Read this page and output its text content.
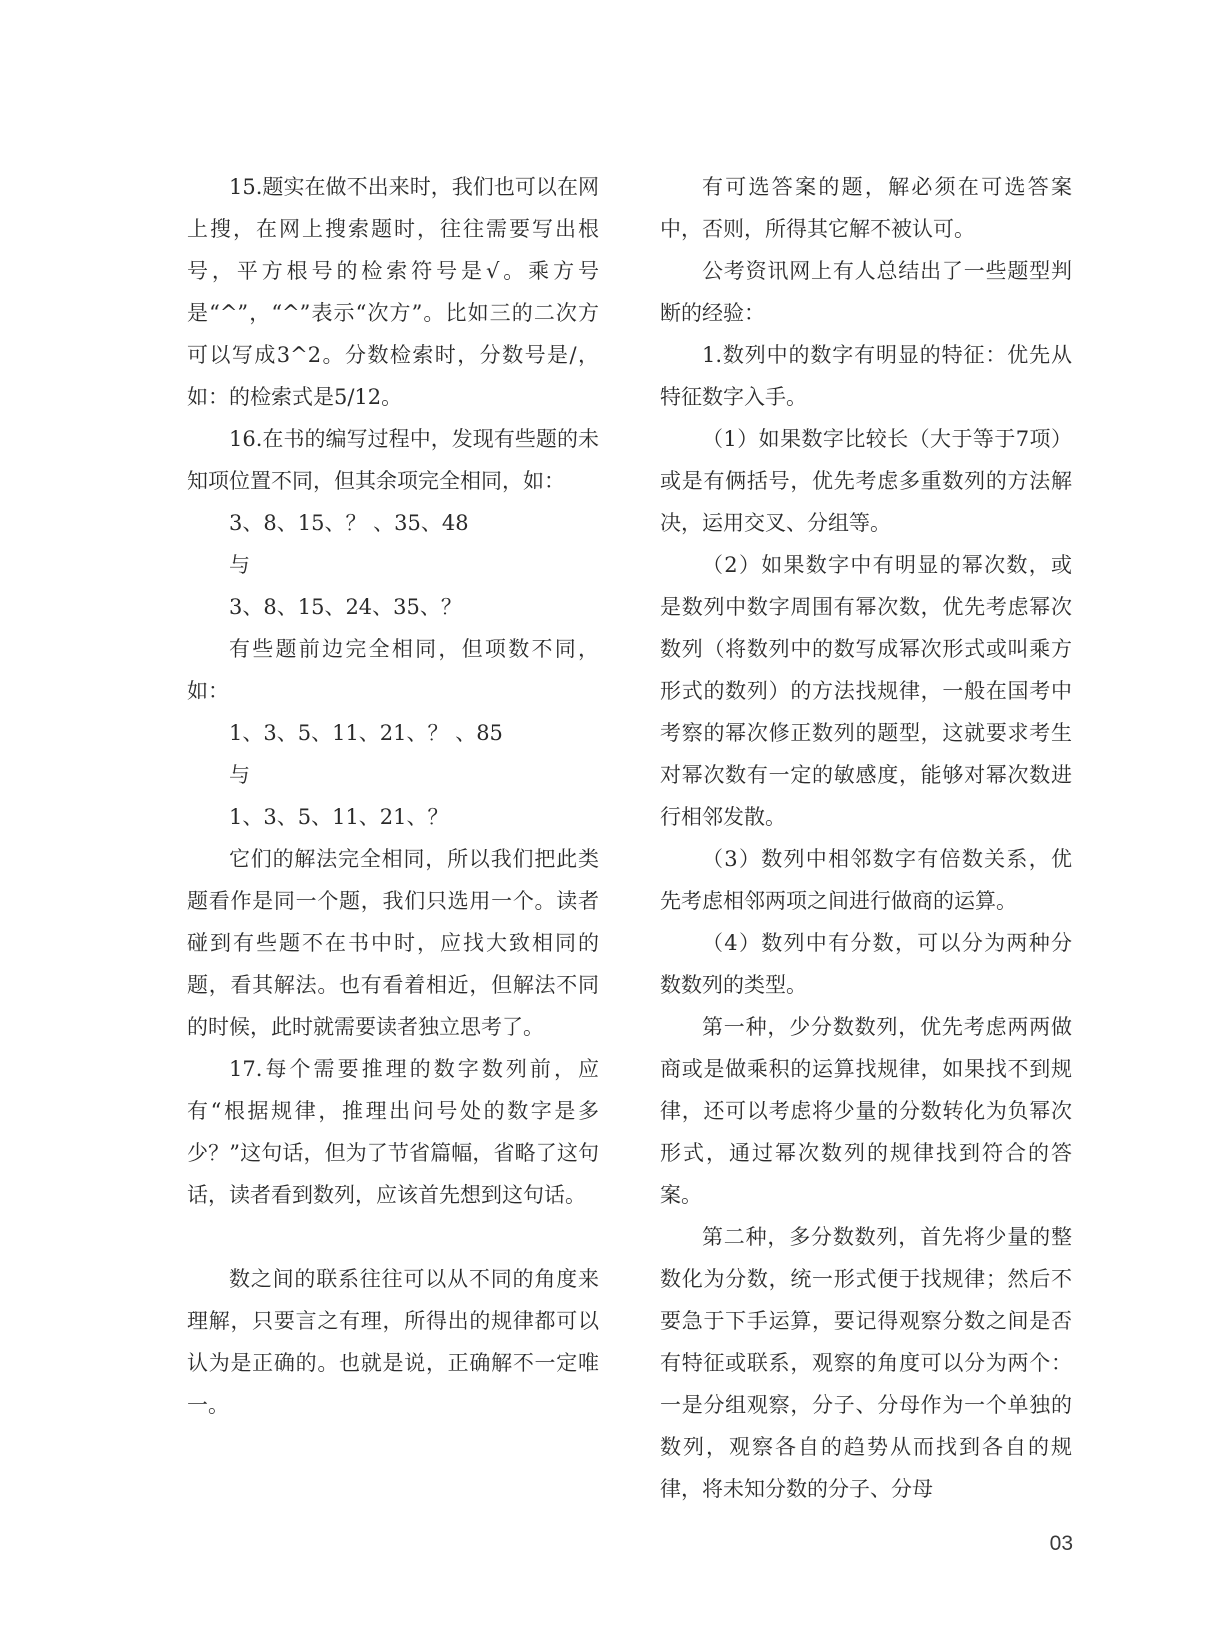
15.题实在做不出来时，我们也可以在网上搜，在网上搜索题时，往往需要写出根号，平方根号的检索符号是√。乘方号是“^”，“^”表示“次方”。比如三的二次方可以写成3^2。分数检索时，分数号是/，如：的检索式是5/12。

16.在书的编写过程中，发现有些题的未知项位置不同，但其余项完全相同，如：

3、8、15、？ 、35、48

与

3、8、15、24、35、？

有些题前边完全相同，但项数不同，如：

1、3、5、11、21、？ 、85

与

1、3、5、11、21、？

它们的解法完全相同，所以我们把此类题看作是同一个题，我们只选用一个。读者碰到有些题不在书中时，应找大致相同的题，看其解法。也有看着相近，但解法不同的时候，此时就需要读者独立思考了。

17.每个需要推理的数字数列前，应有“根据规律，推理出问号处的数字是多少？”这句话，但为了节省篇幅，省略了这句话，读者看到数列，应该首先想到这句话。

数之间的联系往往可以从不同的角度来理解，只要言之有理，所得出的规律都可以认为是正确的。也就是说，正确解不一定唯一。

有可选答案的题，解必须在可选答案中，否则，所得其它解不被认可。

公考资讯网上有人总结出了一些题型判断的经验：

1.数列中的数字有明显的特征：优先从特征数字入手。

（1）如果数字比较长（大于等于7项）或是有俩括号，优先考虑多重数列的方法解决，运用交叉、分组等。

（2）如果数字中有明显的幂次数，或是数列中数字周围有幂次数，优先考虑幂次数列（将数列中的数写成幂次形式或叫乘方形式的数列）的方法找规律，一般在国考中考察的幂次修正数列的题型，这就要求考生对幂次数有一定的敏感度，能够对幂次数进行相邻发散。

（3）数列中相邻数字有倍数关系，优先考虑相邻两项之间进行做商的运算。

（4）数列中有分数，可以分为两种分数数列的类型。

第一种，少分数数列，优先考虑两两做商或是做乘积的运算找规律，如果找不到规律，还可以考虑将少量的分数转化为负幂次形式，通过幂次数列的规律找到符合的答案。

第二种，多分数数列，首先将少量的整数化为分数，统一形式便于找规律；然后不要急于下手运算，要记得观察分数之间是否有特征或联系，观察的角度可以分为两个：一是分组观察，分子、分母作为一个单独的数列，观察各自的趋势从而找到各自的规律，将未知分数的分子、分母

03
